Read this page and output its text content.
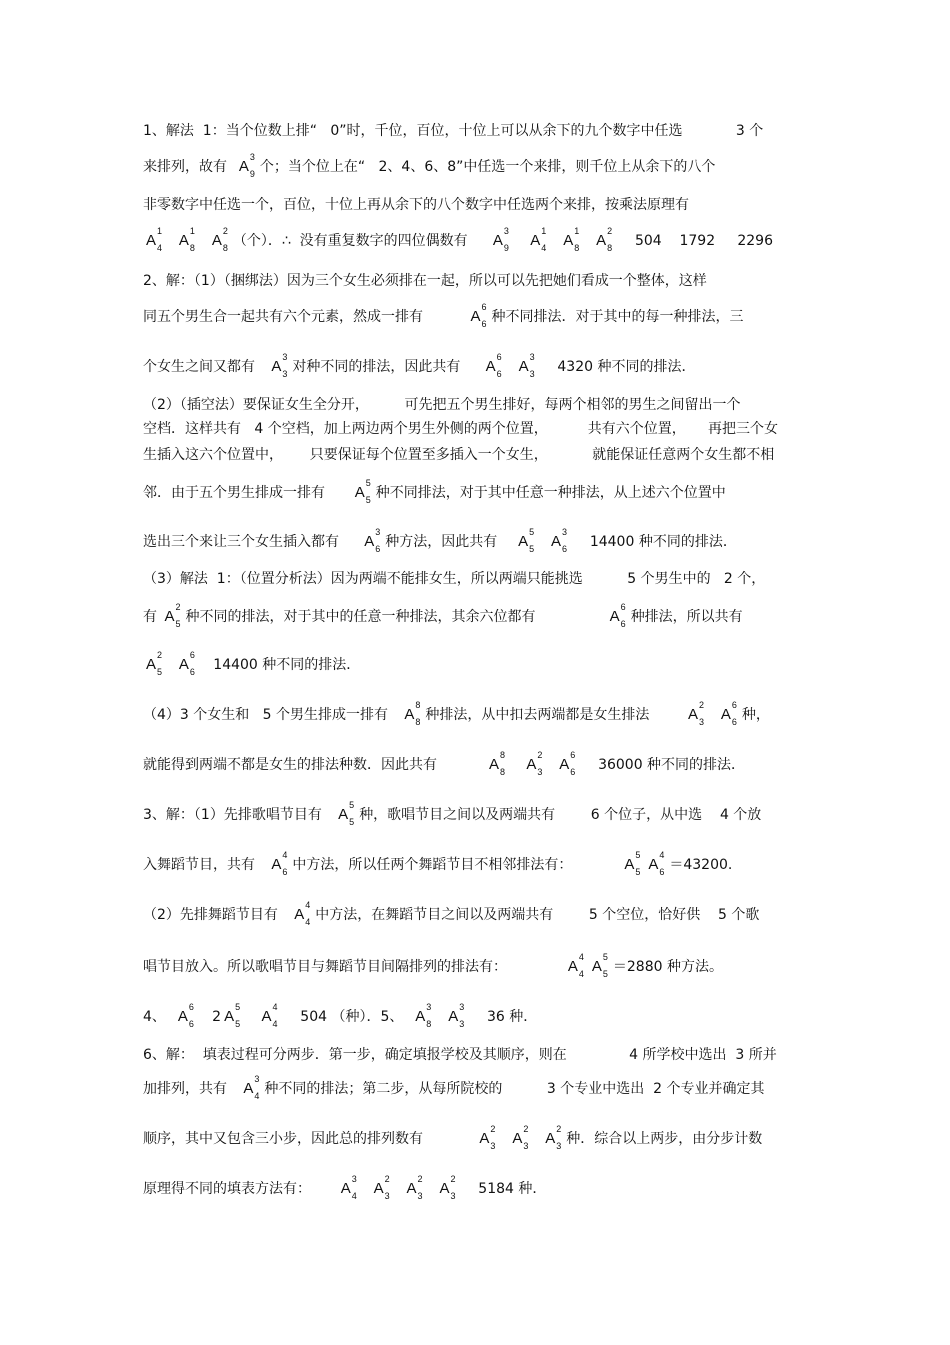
1、解法  1：当个位数上排“   0”时，千位，百位，十位上可以从余下的九个数字中任选            3 个
来排列，故有  A
3
9 个；当个位上在“   2、4、6、8”中任选一个来排，则千位上从余下的八个
非零数字中任选一个，百位，十位上再从余下的八个数字中任选两个来排，按乘法原理有
A
1
4 A
1
8 A
2
8 （个）．∴  没有重复数字的四位偶数有     A
3
9 A
1
4 A
1
8 A
2
8 504    1792     2296
2、解：（1）（捆绑法）因为三个女生必须排在一起，所以可以先把她们看成一个整体，这样
同五个男生合一起共有六个元素，然成一排有          A
6
6 种不同排法．对于其中的每一种排法，三
个女生之间又都有   A
3
3 对种不同的排法，因此共有     A
6
6 A
3
3 4320 种不同的排法．
（2）（插空法）要保证女生全分开，        可先把五个男生排好，每两个相邻的男生之间留出一个
空档．这样共有   4 个空档，加上两边两个男生外侧的两个位置，         共有六个位置，     再把三个女
生插入这六个位置中，      只要保证每个位置至多插入一个女生，          就能保证任意两个女生都不相
邻．由于五个男生排成一排有      A
5
5 种不同排法，对于其中任意一种排法，从上述六个位置中
选出三个来让三个女生插入都有     A
3
6 种方法，因此共有    A
5
5 A
3
6 14400 种不同的排法．
（3）解法  1：（位置分析法）因为两端不能排女生，所以两端只能挑选          5 个男生中的   2 个，
有 A
2
5 种不同的排法，对于其中的任意一种排法，其余六位都有                A
6
6 种排法，所以共有
A
2
5 A
6
6 14400 种不同的排法．
（4）3 个女生和   5 个男生排成一排有   A
8
8 种排法，从中扣去两端都是女生排法        A
2
3 A
6
6 种，
就能得到两端不都是女生的排法种数．因此共有           A
8
8 A
2
3 A
6
6 36000 种不同的排法．
3、解：（1）先排歌唱节目有   A
5
5 种，歌唱节目之间以及两端共有        6 个位子，从中选    4 个放
入舞蹈节目，共有   A
4
6 中方法，所以任两个舞蹈节目不相邻排法有：           A
5
5 A
4
6 ＝43200.
（2）先排舞蹈节目有   A
4
4 中方法，在舞蹈节目之间以及两端共有        5 个空位，恰好供    5 个歌
唱节目放入。所以歌唱节目与舞蹈节目间隔排列的排法有：             A
4
4 A
5
5 ＝2880 种方法。
4、  A
6
6 2 A
5
5 A
4
4 504 （种）．5、  A
3
8 A
3
3 36 种．
6、解：  填表过程可分两步．第一步，确定填报学校及其顺序，则在              4 所学校中选出  3 所并
加排列，共有   A
3
4 种不同的排法；第二步，从每所院校的          3 个专业中选出  2 个专业并确定其
顺序，其中又包含三小步，因此总的排列数有            A
2
3 A
2
3 A
2
3 种．综合以上两步，由分步计数
原理得不同的填表方法有：      A
3
4 A
2
3 A
2
3 A
2
3 5184 种．
